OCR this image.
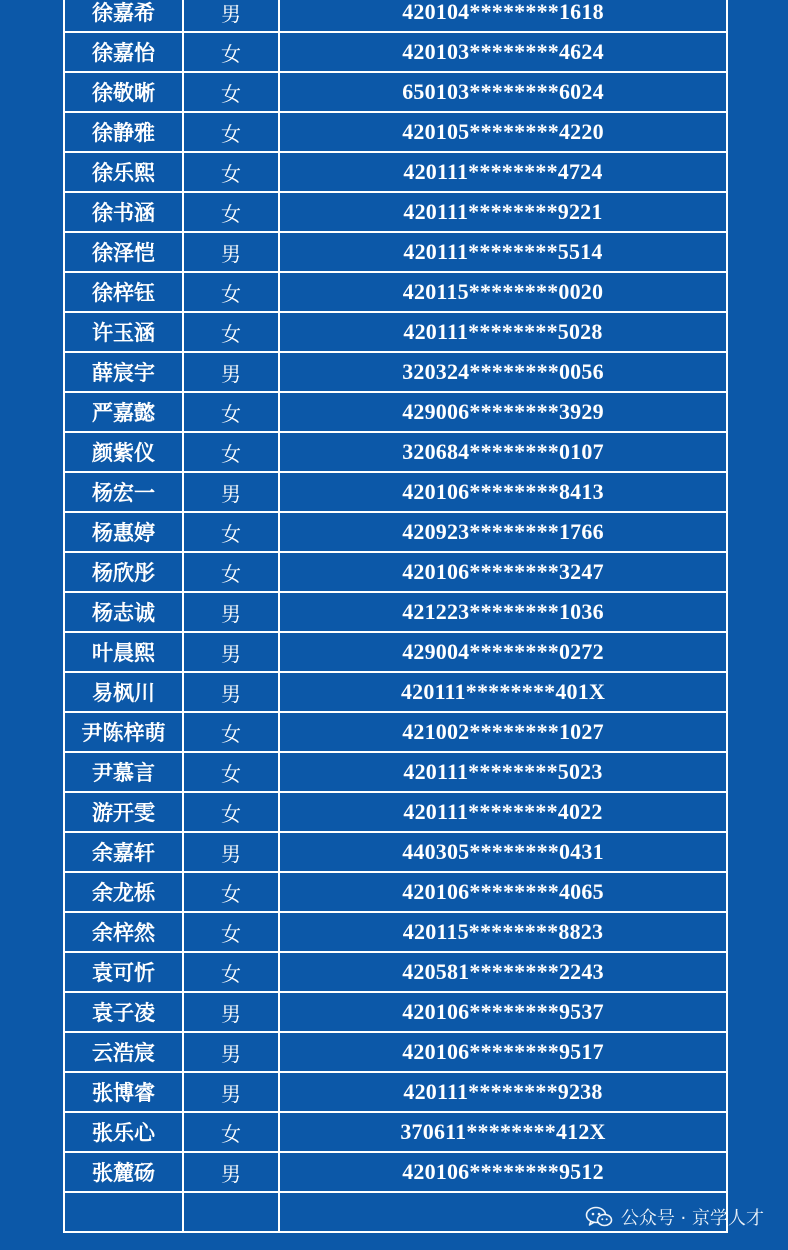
徐嘉希	男	420104********1618
徐嘉怡	女	420103********4624
徐敬晰	女	650103********6024
徐静雅	女	420105********4220
徐乐熙	女	420111********4724
徐书涵	女	420111********9221
徐泽恺	男	420111********5514
徐梓钰	女	420115********0020
许玉涵	女	420111********5028
薛宸宇	男	320324********0056
严嘉懿	女	429006********3929
颜紫仪	女	320684********0107
杨宏一	男	420106********8413
杨惠婷	女	420923********1766
杨欣彤	女	420106********3247
杨志诚	男	421223********1036
叶晨熙	男	429004********0272
易枫川	男	420111********401X
尹陈梓萌	女	421002********1027
尹慕言	女	420111********5023
游开雯	女	420111********4022
余嘉轩	男	440305********0431
余龙栎	女	420106********4065
余梓然	女	420115********8823
袁可忻	女	420581********2243
袁子凌	男	420106********9537
云浩宸	男	420106********9517
张博睿	男	420111********9238
张乐心	女	370611********412X
张麓砀	男	420106********9512

公众号 · 京学人才
